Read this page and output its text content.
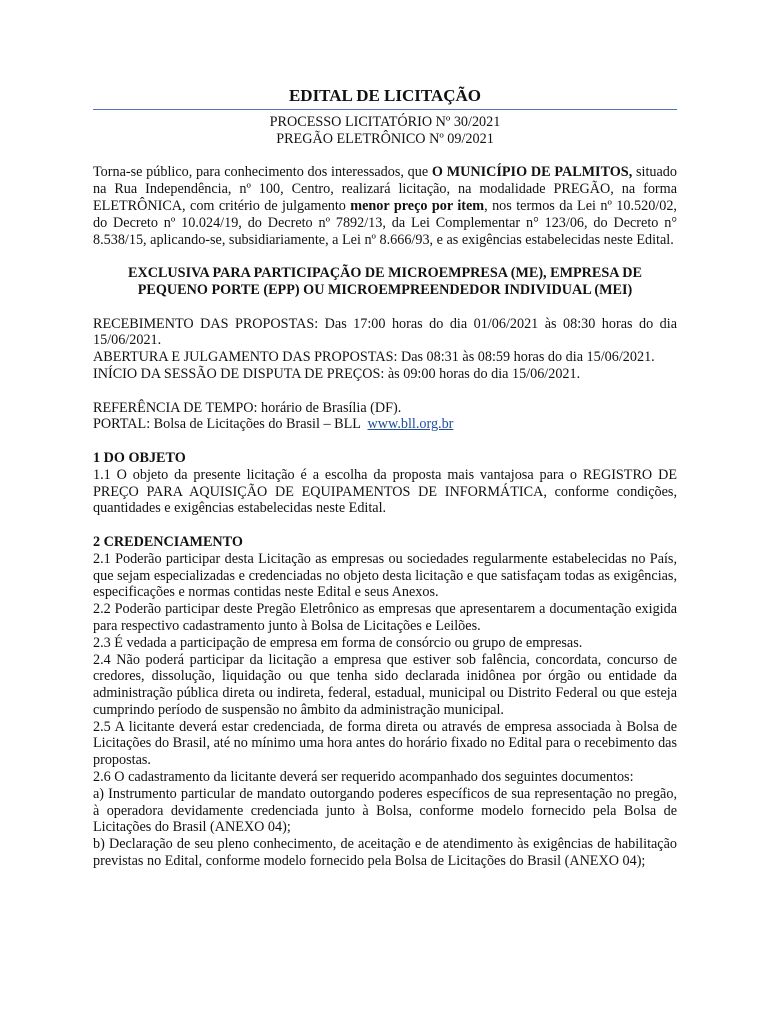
EDITAL DE LICITAÇÃO

PROCESSO LICITATÓRIO Nº 30/2021

PREGÃO ELETRÔNICO Nº 09/2021

Torna-se público, para conhecimento dos interessados, que O MUNICÍPIO DE PALMITOS, situado na Rua Independência, nº 100, Centro, realizará licitação, na modalidade PREGÃO, na forma ELETRÔNICA, com critério de julgamento menor preço por item, nos termos da Lei nº 10.520/02, do Decreto nº 10.024/19, do Decreto nº 7892/13, da Lei Complementar n° 123/06, do Decreto n° 8.538/15, aplicando-se, subsidiariamente, a Lei nº 8.666/93, e as exigências estabelecidas neste Edital.

EXCLUSIVA PARA PARTICIPAÇÃO DE MICROEMPRESA (ME), EMPRESA DE PEQUENO PORTE (EPP) OU MICROEMPREENDEDOR INDIVIDUAL (MEI)

RECEBIMENTO DAS PROPOSTAS: Das 17:00 horas do dia 01/06/2021 às 08:30 horas do dia 15/06/2021.

ABERTURA E JULGAMENTO DAS PROPOSTAS: Das 08:31 às 08:59 horas do dia 15/06/2021.

INÍCIO DA SESSÃO DE DISPUTA DE PREÇOS: às 09:00 horas do dia 15/06/2021.

REFERÊNCIA DE TEMPO: horário de Brasília (DF).

PORTAL: Bolsa de Licitações do Brasil – BLL  www.bll.org.br

1 DO OBJETO

1.1 O objeto da presente licitação é a escolha da proposta mais vantajosa para o REGISTRO DE PREÇO PARA AQUISIÇÃO DE EQUIPAMENTOS DE INFORMÁTICA, conforme condições, quantidades e exigências estabelecidas neste Edital.

2 CREDENCIAMENTO

2.1 Poderão participar desta Licitação as empresas ou sociedades regularmente estabelecidas no País, que sejam especializadas e credenciadas no objeto desta licitação e que satisfaçam todas as exigências, especificações e normas contidas neste Edital e seus Anexos.

2.2 Poderão participar deste Pregão Eletrônico as empresas que apresentarem a documentação exigida para respectivo cadastramento junto à Bolsa de Licitações e Leilões.

2.3 É vedada a participação de empresa em forma de consórcio ou grupo de empresas.

2.4 Não poderá participar da licitação a empresa que estiver sob falência, concordata, concurso de credores, dissolução, liquidação ou que tenha sido declarada inidônea por órgão ou entidade da administração pública direta ou indireta, federal, estadual, municipal ou Distrito Federal ou que esteja cumprindo período de suspensão no âmbito da administração municipal.

2.5 A licitante deverá estar credenciada, de forma direta ou através de empresa associada à Bolsa de Licitações do Brasil, até no mínimo uma hora antes do horário fixado no Edital para o recebimento das propostas.

2.6 O cadastramento da licitante deverá ser requerido acompanhado dos seguintes documentos:

a) Instrumento particular de mandato outorgando poderes específicos de sua representação no pregão, à operadora devidamente credenciada junto à Bolsa, conforme modelo fornecido pela Bolsa de Licitações do Brasil (ANEXO 04);

b) Declaração de seu pleno conhecimento, de aceitação e de atendimento às exigências de habilitação previstas no Edital, conforme modelo fornecido pela Bolsa de Licitações do Brasil (ANEXO 04);
